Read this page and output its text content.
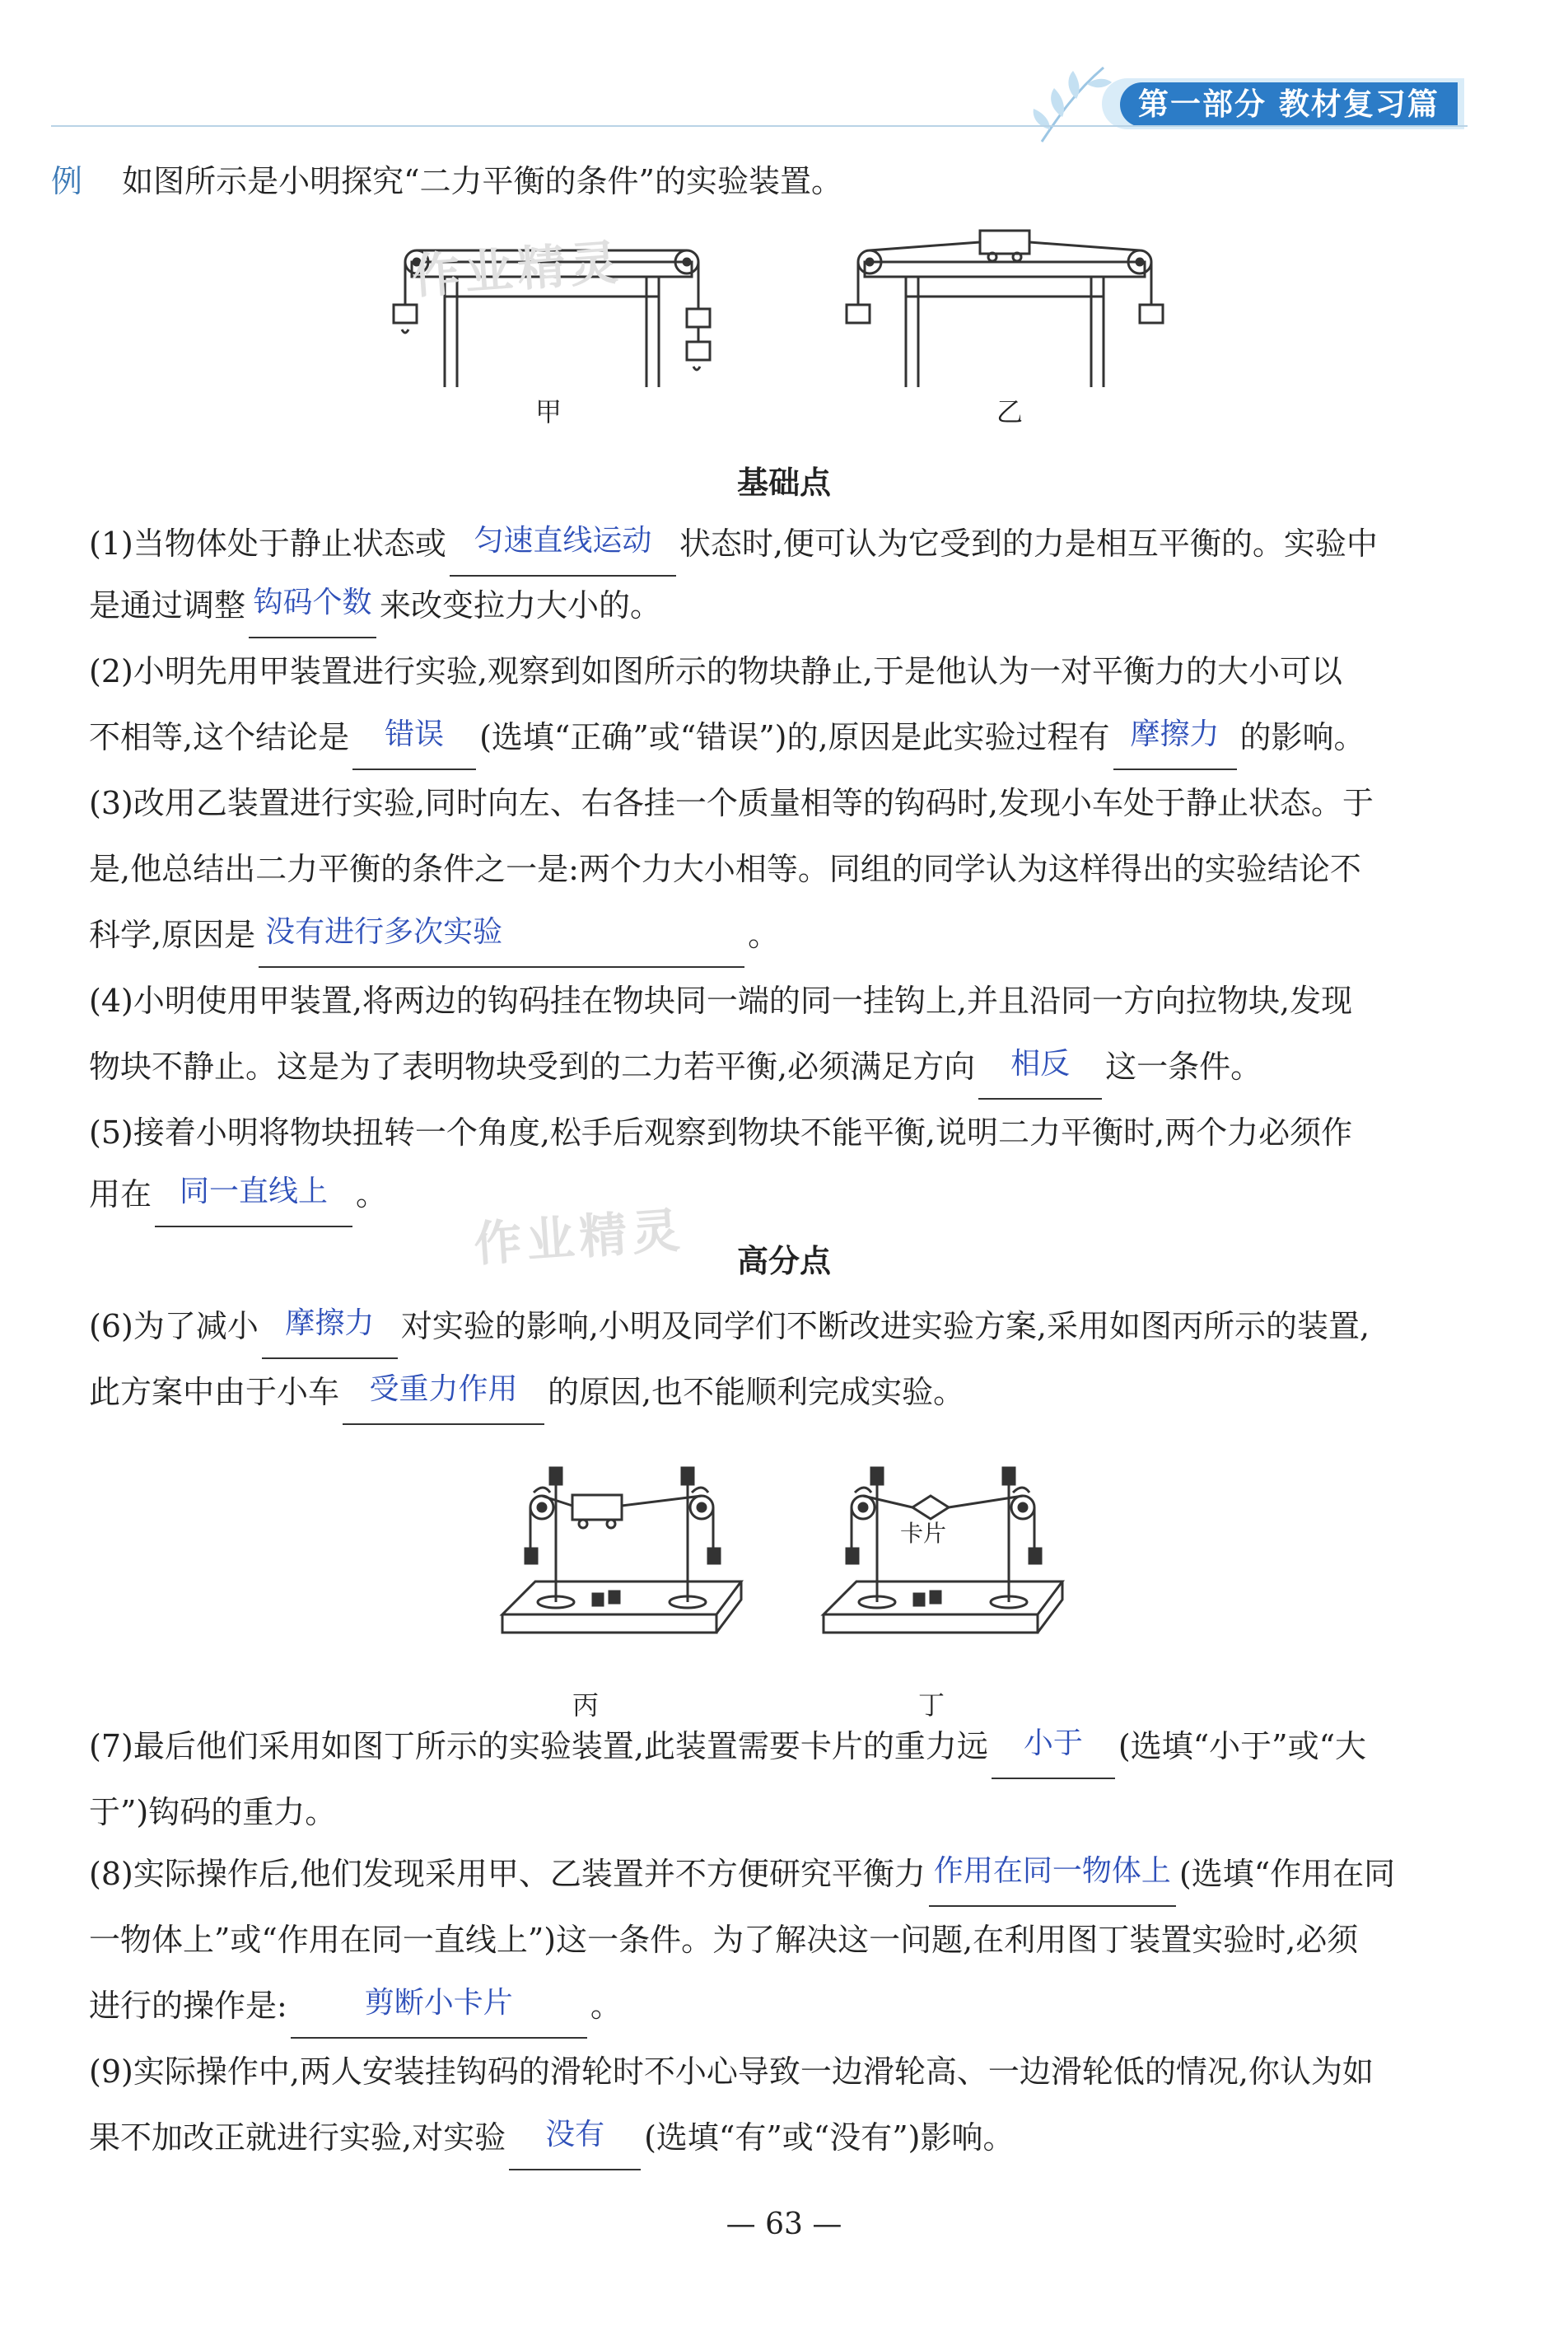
第一部分 教材复习篇
例 如图所示是小明探究“二力平衡的条件”的实验装置。
甲	乙
作业精灵
基础点
(1)当物体处于静止状态或 匀速直线运动 状态时,便可认为它受到的力是相互平衡的。实验中
是通过调整 钩码个数 来改变拉力大小的。
(2)小明先用甲装置进行实验,观察到如图所示的物块静止,于是他认为一对平衡力的大小可以
不相等,这个结论是	错误	(选填“正确”或“错误”)的,原因是此实验过程有 摩擦力 的影响。
(3)改用乙装置进行实验,同时向左、右各挂一个质量相等的钩码时,发现小车处于静止状态。于
是,他总结出二力平衡的条件之一是:两个力大小相等。同组的同学认为这样得出的实验结论不
科学,原因是 没有进行多次实验	。
(4)小明使用甲装置,将两边的钩码挂在物块同一端的同一挂钩上,并且沿同一方向拉物块,发现
物块不静止。这是为了表明物块受到的二力若平衡,必须满足方向	相反	这一条件。
(5)接着小明将物块扭转一个角度,松手后观察到物块不能平衡,说明二力平衡时,两个力必须作
用在 同一直线上 。
作业精灵	高分点
(6)为了减小 摩擦力 对实验的影响,小明及同学们不断改进实验方案,采用如图丙所示的装置,
此方案中由于小车	受重力作用 的原因,也不能顺利完成实验。
丙
卡片
丁
(7)最后他们采用如图丁所示的实验装置,此装置需要卡片的重力远	小于	(选填“小于”或“大
于”)钩码的重力。
(8)实际操作后,他们发现采用甲、乙装置并不方便研究平衡力 作用在同一物体上 (选填“作用在同
一物体上”或“作用在同一直线上”)这一条件。为了解决这一问题,在利用图丁装置实验时,必须
进行的操作是:	剪断小卡片	。
(9)实际操作中,两人安装挂钩码的滑轮时不小心导致一边滑轮高、一边滑轮低的情况,你认为如
果不加改正就进行实验,对实验	没有	(选填“有”或“没有”)影响。
— 63 —
